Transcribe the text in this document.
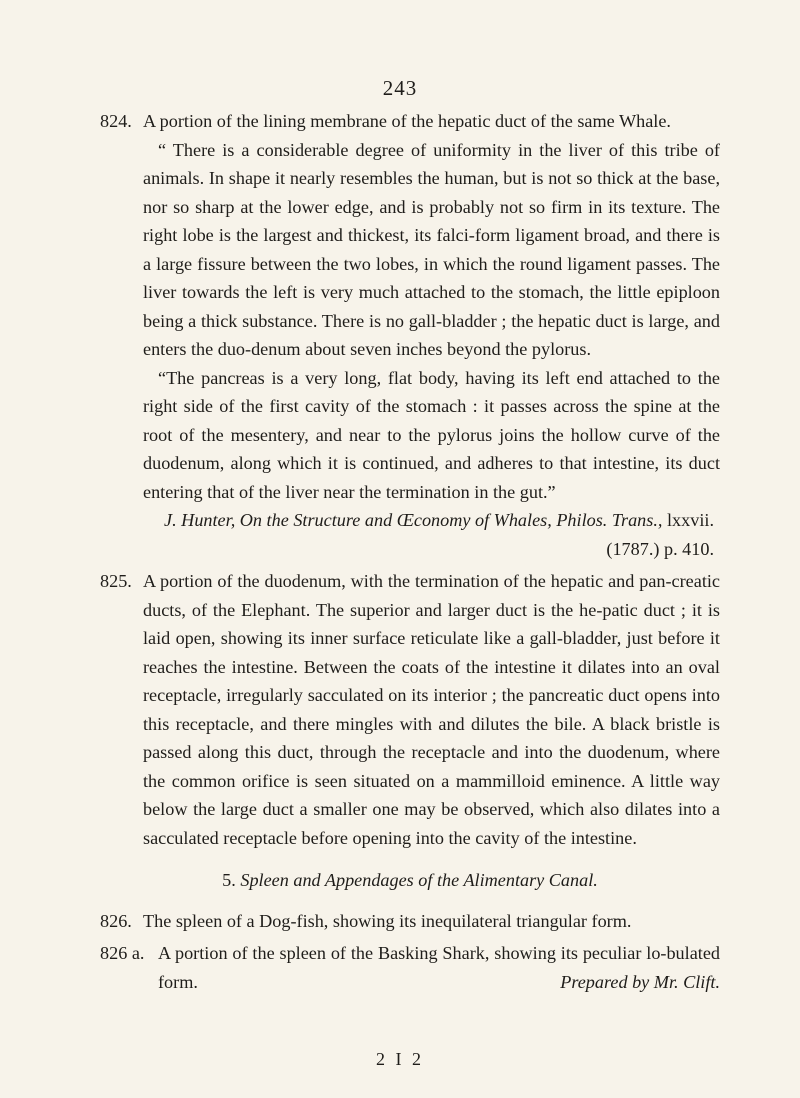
243
824. A portion of the lining membrane of the hepatic duct of the same Whale.

“ There is a considerable degree of uniformity in the liver of this tribe of animals. In shape it nearly resembles the human, but is not so thick at the base, nor so sharp at the lower edge, and is probably not so firm in its texture. The right lobe is the largest and thickest, its falci-form ligament broad, and there is a large fissure between the two lobes, in which the round ligament passes. The liver towards the left is very much attached to the stomach, the little epiploon being a thick substance. There is no gall-bladder ; the hepatic duct is large, and enters the duo-denum about seven inches beyond the pylorus.

“The pancreas is a very long, flat body, having its left end attached to the right side of the first cavity of the stomach : it passes across the spine at the root of the mesentery, and near to the pylorus joins the hollow curve of the duodenum, along which it is continued, and adheres to that intestine, its duct entering that of the liver near the termination in the gut.”

J. Hunter, On the Structure and Œconomy of Whales, Philos. Trans., lxxvii. (1787.) p. 410.
825. A portion of the duodenum, with the termination of the hepatic and pan-creatic ducts, of the Elephant. The superior and larger duct is the he-patic duct ; it is laid open, showing its inner surface reticulate like a gall-bladder, just before it reaches the intestine. Between the coats of the intestine it dilates into an oval receptacle, irregularly sacculated on its interior ; the pancreatic duct opens into this receptacle, and there mingles with and dilutes the bile. A black bristle is passed along this duct, through the receptacle and into the duodenum, where the common orifice is seen situated on a mammilloid eminence. A little way below the large duct a smaller one may be observed, which also dilates into a sacculated receptacle before opening into the cavity of the intestine.

5. Spleen and Appendages of the Alimentary Canal.
826. The spleen of a Dog-fish, showing its inequilateral triangular form.

826 a. A portion of the spleen of the Basking Shark, showing its peculiar lo-bulated form.	Prepared by Mr. Clift.

2 I 2
